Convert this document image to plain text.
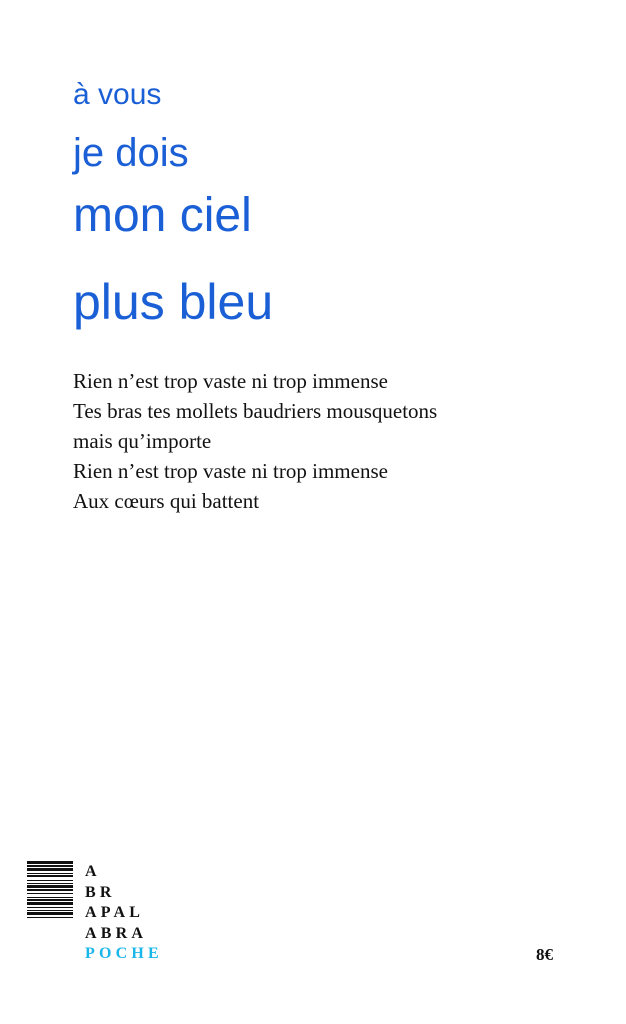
à vous
je dois
mon ciel
plus bleu
Rien n’est trop vaste ni trop immense
Tes bras tes mollets baudriers mousquetons
mais qu’importe
Rien n’est trop vaste ni trop immense
Aux cœurs qui battent
A
BR
APAL
ABRA
POCHE	8€
